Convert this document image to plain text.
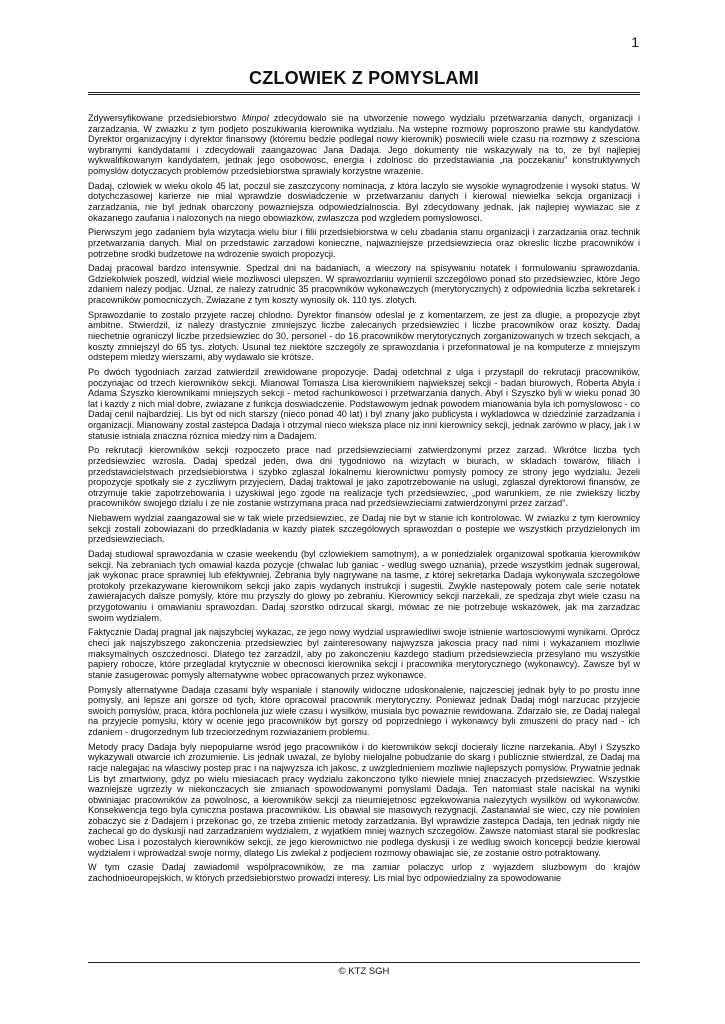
1
CZLOWIEK Z POMYSLAMI

Zdywersyfikowane przedsiebiorstwo Minpol zdecydowalo sie na utworzenie nowego wydzialu przetwarzania danych, organizacji i zarzadzania. W zwiazku z tym podjeto poszukiwania kierownika wydzialu. Na wstepne rozmowy poproszono prawie stu kandydatów. Dyrektor organizacyjny i dyrektor finansowy (któremu bedzie podlegal nowy kierownik) poswiecili wiele czasu na rozmowy z szesciona wybranymi kandydatami i zdecydowali zaangazowac Jana Dadaja. Jego dokumenty nie wskazywaly na to, ze byl najlepiej wykwalifikowanym kandydatem, jednak jego osobowosc, energia i zdolnosc do przedstawiania „na poczekaniu” konstruktywnych pomyslów dotyczacych problemów przedsiebiorstwa sprawialy korzystne wrazenie.

Dadaj, czlowiek w wieku okolo 45 lat, poczul sie zaszczycony nominacja, z która laczylo sie wysokie wynagrodzenie i wysoki status. W dotychczasowej karierze nie mial wprawdzie doswiadczenie w przetwarzaniu danych i kierowal niewielka sekcja organizacji i zarzadzania, nie byl jednak obarczony powazniejsza odpowiedzialnoscia. Byl zdecydowany jednak, jak najlepiej wywiazac sie z okazanego zaufania i nalozonych na niego obowiazków, zwlaszcza pod wzgledem pomyslowosci.

Pierwszym jego zadaniem byla wizytacja wielu biur i filii przedsiebiorstwa w celu zbadania stanu organizacji i zarzadzania oraz technik przetwarzania danych. Mial on przedstawic zarzadowi konieczne, najwazniejsze przedsiewziecia oraz okreslic liczbe pracowników i potrzebne srodki budzetowe na wdrozenie swoich propozycji.

Dadaj pracowal bardzo intensywnie. Spedzal dni na badaniach, a wieczory na spisywaniu notatek i formulowaniu sprawozdania. Gdziekolwiek poszedl, widzial wiele mozliwosci ulepszen. W sprawozdaniu wymienil szczególowo ponad sto przedsiewziec, które Jego zdaniem nalezy podjac. Uznal, ze nalezy zatrudnic 35 pracowników wykonawczych (merytorycznych) z odpowiednia liczba sekretarek i pracowników pomocniczych. Zwiazane z tym koszty wynosily ok. 110 tys. zlotych.

Sprawozdanie to zostalo przyjete raczej chlodno. Dyrektor finansów odeslal je z komentarzem, ze jest za dlugie, a propozycje zbyt ambitne. Stwierdzil, iz nalezy drastycznie zmniejszyc liczbe zalecanych przedsiewziec i liczbe pracowników oraz koszty. Dadaj niechetnie ograniczyl liczbe przedsiewziec do 30, personel - do 16 pracowników merytorycznych zorganizowanych w trzech sekcjach, a koszty zmniejszyl do 65 tys. zlotych. Usunal tez niektóre szczególy ze sprawozdania i przeformatowal je na komputerze z mniejszym odstepem miedzy wierszami, aby wydawalo sie krótsze.

Po dwóch tygodniach zarzad zatwierdzil zrewidowane propozycje. Dadaj odetchnal z ulga i przystapil do rekrutacji pracowników, poczynajac od trzech kierowników sekcji. Mianowal Tomasza Lisa kierownikiem najwiekszej sekcji - badan biurowych, Roberta Abyla i Adama Szyszko kierownikami mniejszych sekcji - metod rachunkowosci i przetwarzania danych. Abyl i Szyszko byli w wieku ponad 30 lat i kazdy z nich mial dobre, zwiazane z funkcja doswiadczenie. Podstawowym jednak powodem mianowania byla ich pomyslowosc - co Dadaj cenil najbardziej. Lis byt od nich starszy (nieco ponad 40 lat) i byl znany jako publicysta i wykladowca w dziedzinie zarzadzania i organizacji. Mianowany zostal zastepca Dadaja i otrzymal nieco wieksza place niz inni kierownicy sekcji, jednak zarówno w placy, jak i w statusie istniala znaczna róznica miedzy nim a Dadajem.

Po rekrutacji kierowników sekcji rozpoczeto prace nad przedsiewzieciami zatwierdzonymi przez zarzad. Wkrótce liczba tych przedsiewziec wzrosla. Dadaj spedzal jeden, dwa dni tygodniowo na wizytach w biurach, w skladach towarów, filiach i przedstawicielstwach przedsiebiorstwa i szybko zglaszal lokalnemu kierownictwu pomysly pomocy ze strony jego wydzialu. Jezeli propozycje spotkaly sie z zyczliwym przyjeciem, Dadaj traktowal je jako zapotrzebowanie na uslugi, zglaszal dyrektorowi finansów, ze otrzymuje takie zapotrzebowania i uzyskiwal jego zgode na realizacje tych przedsiewziec, „pod warunkiem, ze nie zwiekszy liczby pracowników swojego dzialu i ze nie zostanie wstrzymana praca nad przedsiewzieciami zatwierdzonymi przez zarzad”.

Niebawem wydzial zaangazowal sie w tak wiele przedsiewziec, ze Dadaj nie byt w stanie ich kontrolowac. W zwiazku z tym kierownicy sekcji zostali zobowiazani do przedkladania w kazdy piatek szczególowych sprawozdan o postepie we wszystkich przydzielonych im przedsiewzieciach.

Dadaj studiowal sprawozdania w czasie weekendu (byl czlowiekiem samotnym), a w poniedzialek organizowal spotkania kierowników sekcji. Na zebraniach tych omawial kazda pozycje (chwalac lub ganiac - wedlug swego uznania), przede wszystkim jednak sugerowal, jak wykonac prace sprawniej lub efektywniej. Zebrania byly nagrywane na tasme, z której sekretarka Dadaja wykonywala szczególowe protokoly przekazywane kierownikom sekcji jako zapis wydanych instrukcji i sugestii. Zwykle nastepowaly potem cale serie notatek zawierajacych dalsze pomysly, które mu przyszly do glowy po zebraniu. Kierownicy sekcji narzekali, ze spedzaja zbyt wiele czasu na przygotowaniu i omawianiu sprawozdan. Dadaj szorstko odrzucal skargi, mówiac ze nie potrzebuje wskazówek, jak ma zarzadzac swoim wydzialem.

Faktycznie Dadaj pragnal jak najszybciej wykazac, ze jego nowy wydzial usprawiedliwi swoje istnienie wartosciowymi wynikami. Oprócz checi jak najszybszego zakonczenia przedsiewziec byl zainteresowany najwyzsza jakoscia pracy nad nimi i wykazaniem mozliwie maksymalnych oszczednosci. Dlatego tez zarzadzil, aby po zakonczeniu kazdego stadium przedsiewziecia przesylano mu wszystkie papiery robocze, które przegladal krytycznie w obecnosci kierownika sekcji i pracownika merytorycznego (wykonawcy). Zawsze byl w stanie zasugerowac pomysly alternatywne wobec opracowanych przez wykonawce.

Pomysly alternatywne Dadaja czasami byly wspaniale i stanowily widoczne udoskonalenie, najczesciej jednak byly to po prostu inne pomysly, ani lepsze ani gorsze od tych, które opracowal pracownik merytoryczny. Poniewaz jednak Dadaj mógl narzucac przyjecie swoich pomyslów, praca, która pochlonela juz wiele czasu i wysilków, musiala byc powaznie rewidowana. Zdarzalo sie, ze Dadaj nalegal na przyjecie pomyslu, który w ocenie jego pracowników byt gorszy od poprzedniego i wykonawcy byli zmuszeni do pracy nad - ich zdaniem - drugorzednym lub trzeciorzednym rozwiazaniem problemu.

Metody pracy Dadaja byly niepopularne wsród jego pracowników i do kierowników sekcji docieraly liczne narzekania. Abyl i Szyszko wykazywali otwarcie ich zrozumienie. Lis jednak uwazal, ze byloby nielojalne pobudzanie do skarg i publicznie stwierdzal, ze Dadaj ma racje nalegajac na wlasciwy postep prac i na najwyzsza ich jakosc, z uwzglednieniem mozliwie najlepszych pomyslów. Prywatnie jednak Lis byt zmartwiony, gdyz po wielu miesiacach pracy wydzialu zakonczono tylko niewiele mniej znaczacych przedsiewziec. Wszystkie wazniejsze ugrzezly w niekonczacych sie zmianach spowodowanymi pomyslami Dadaja. Ten natomiast stale naciskal na wyniki obwiniajac pracowników za powolnosc, a kierowników sekcji za nieumiejetnosc egzekwowania nalezytych wysilków od wykonawców. Konsekwencja tego byla cyniczna postawa pracowników. Lis obawial sie masowych rezygnacji. Zastanawial sie wiec, czy nie powinien zobaczyc sie z Dadajem i przekonac go, ze trzeba zmienic metody zarzadzania. Byl wprawdzie zastepca Dadaja, ten jednak nigdy nie zachecal go do dyskusji nad zarzadzaniem wydzialem, z wyjatkiem mniej waznych szczególów. Zawsze natomiast staral sie podkreslac wobec Lisa i pozostalych kierowników sekcji, ze jego kierownictwo nie podlega dyskusji i ze wedlug swoich koncepcji bedzie kierowal wydzialem i wprowadzal swoje normy, dlatego Lis zwlekal z podjeciem rozmowy obawiajac sie, ze zostanie ostro potraktowany.

W tym czasie Dadaj zawiadomil wspólpracowników, ze ma zamiar polaczyc urlop z wyjazdem sluzbowym do krajów zachodnioeuropejskich, w których przedsiebiorstwo prowadzi interesy. Lis mial byc odpowiedzialny za spowodowanie

© KTZ SGH
